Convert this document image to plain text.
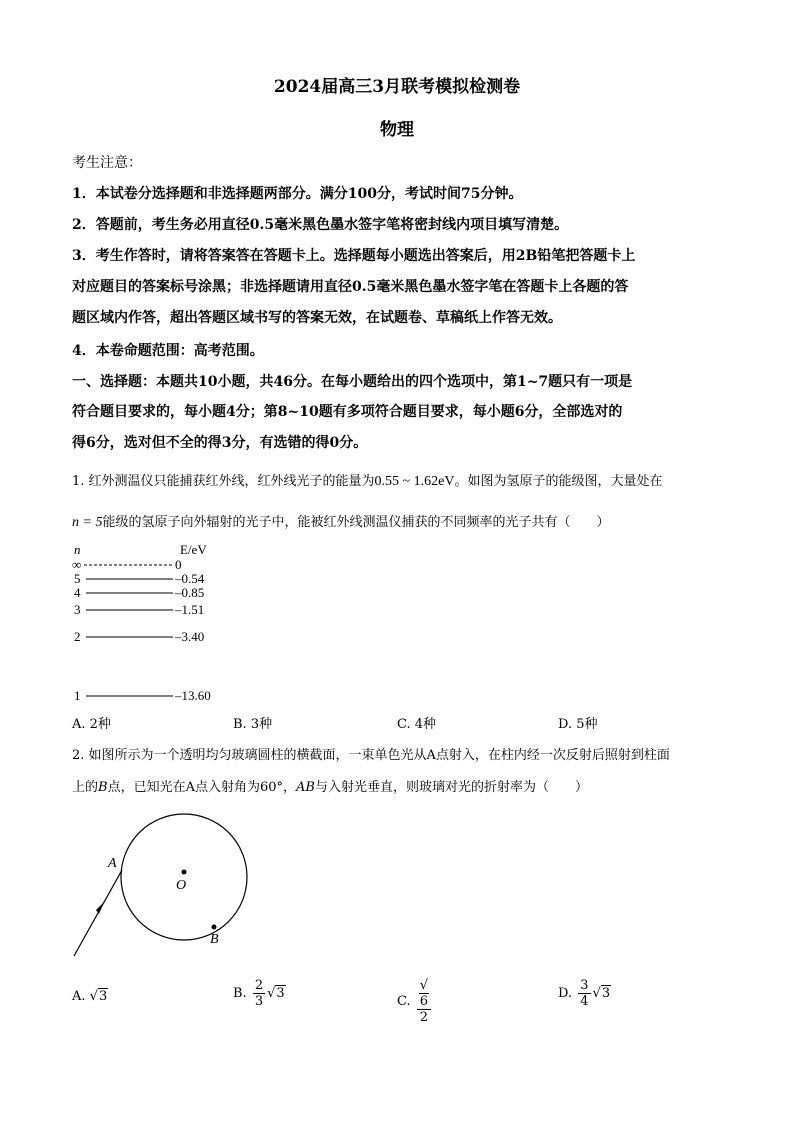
2024届高三3月联考模拟检测卷
物理
考生注意：
1．本试卷分选择题和非选择题两部分。满分100分，考试时间75分钟。
2．答题前，考生务必用直径0.5毫米黑色墨水签字笔将密封线内项目填写清楚。
3．考生作答时，请将答案答在答题卡上。选择题每小题选出答案后，用2B铅笔把答题卡上
对应题目的答案标号涂黑；非选择题请用直径0.5毫米黑色墨水签字笔在答题卡上各题的答
题区域内作答，超出答题区域书写的答案无效，在试题卷、草稿纸上作答无效。
4．本卷命题范围：高考范围。
一、选择题：本题共10小题，共46分。在每小题给出的四个选项中，第1~7题只有一项是
符合题目要求的，每小题4分；第8~10题有多项符合题目要求，每小题6分，全部选对的
得6分，选对但不全的得3分，有选错的得0分。
1. 红外测温仪只能捕获红外线，红外线光子的能量为0.55 ~ 1.62eV。如图为氢原子的能级图，大量处在
n = 5能级的氢原子向外辐射的光子中，能被红外线测温仪捕获的不同频率的光子共有（　　）
n	E/eV
∞	0
5	–0.54
4	–0.85
3	–1.51
2	–3.40
1	–13.60
A. 2种	B. 3种	C. 4种	D. 5种
2. 如图所示为一个透明均匀玻璃圆柱的横截面，一束单色光从A点射入，在柱内经一次反射后照射到柱面
上的B点，已知光在A点入射角为60°，AB与入射光垂直，则玻璃对光的折射率为（　　）
A
O
B
A. √3	B. $\frac{2}{3} √3$
C. √
6
2	D. $\frac{3}{4} √3$
